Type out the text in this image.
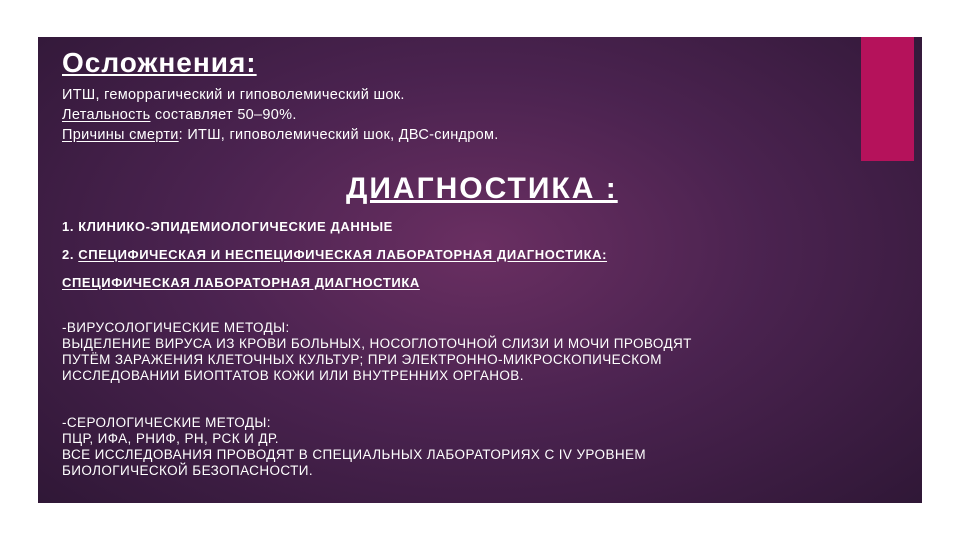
Осложнения:
ИТШ, геморрагический и гиповолемический шок.
Летальность составляет 50–90%.
Причины смерти: ИТШ, гиповолемический шок, ДВС-синдром.
ДИАГНОСТИКА :
1. КЛИНИКО-ЭПИДЕМИОЛОГИЧЕСКИЕ ДАННЫЕ
2. СПЕЦИФИЧЕСКАЯ И НЕСПЕЦИФИЧЕСКАЯ ЛАБОРАТОРНАЯ ДИАГНОСТИКА:
СПЕЦИФИЧЕСКАЯ ЛАБОРАТОРНАЯ ДИАГНОСТИКА
-ВИРУСОЛОГИЧЕСКИЕ МЕТОДЫ:
ВЫДЕЛЕНИЕ ВИРУСА ИЗ КРОВИ БОЛЬНЫХ, НОСОГЛОТОЧНОЙ СЛИЗИ И МОЧИ ПРОВОДЯТ
ПУТЁМ ЗАРАЖЕНИЯ КЛЕТОЧНЫХ КУЛЬТУР; ПРИ ЭЛЕКТРОННО-МИКРОСКОПИЧЕСКОМ
ИССЛЕДОВАНИИ БИОПТАТОВ КОЖИ ИЛИ ВНУТРЕННИХ ОРГАНОВ.
-СЕРОЛОГИЧЕСКИЕ МЕТОДЫ:
ПЦР, ИФА, РНИФ, РН, РСК И ДР.
ВСЕ ИССЛЕДОВАНИЯ ПРОВОДЯТ В СПЕЦИАЛЬНЫХ ЛАБОРАТОРИЯХ С IV УРОВНЕМ
БИОЛОГИЧЕСКОЙ БЕЗОПАСНОСТИ.
